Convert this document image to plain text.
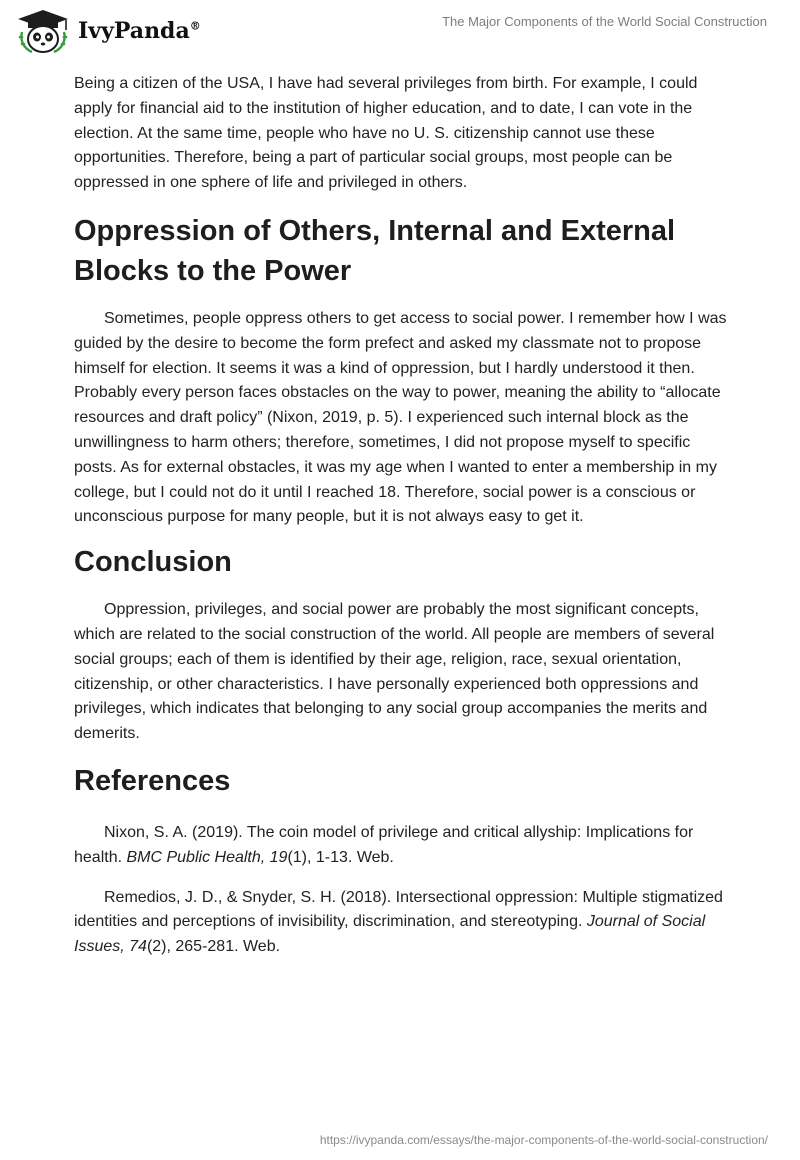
IvyPanda®	The Major Components of the World Social Construction

Being a citizen of the USA, I have had several privileges from birth. For example, I could apply for financial aid to the institution of higher education, and to date, I can vote in the election. At the same time, people who have no U. S. citizenship cannot use these opportunities. Therefore, being a part of particular social groups, most people can be oppressed in one sphere of life and privileged in others.

Oppression of Others, Internal and External Blocks to the Power

Sometimes, people oppress others to get access to social power. I remember how I was guided by the desire to become the form prefect and asked my classmate not to propose himself for election. It seems it was a kind of oppression, but I hardly understood it then. Probably every person faces obstacles on the way to power, meaning the ability to “allocate resources and draft policy” (Nixon, 2019, p. 5). I experienced such internal block as the unwillingness to harm others; therefore, sometimes, I did not propose myself to specific posts. As for external obstacles, it was my age when I wanted to enter a membership in my college, but I could not do it until I reached 18. Therefore, social power is a conscious or unconscious purpose for many people, but it is not always easy to get it.

Conclusion

Oppression, privileges, and social power are probably the most significant concepts, which are related to the social construction of the world. All people are members of several social groups; each of them is identified by their age, religion, race, sexual orientation, citizenship, or other characteristics. I have personally experienced both oppressions and privileges, which indicates that belonging to any social group accompanies the merits and demerits.

References

Nixon, S. A. (2019). The coin model of privilege and critical allyship: Implications for health. BMC Public Health, 19(1), 1-13. Web.

Remedios, J. D., & Snyder, S. H. (2018). Intersectional oppression: Multiple stigmatized identities and perceptions of invisibility, discrimination, and stereotyping. Journal of Social Issues, 74(2), 265-281. Web.

https://ivypanda.com/essays/the-major-components-of-the-world-social-construction/
